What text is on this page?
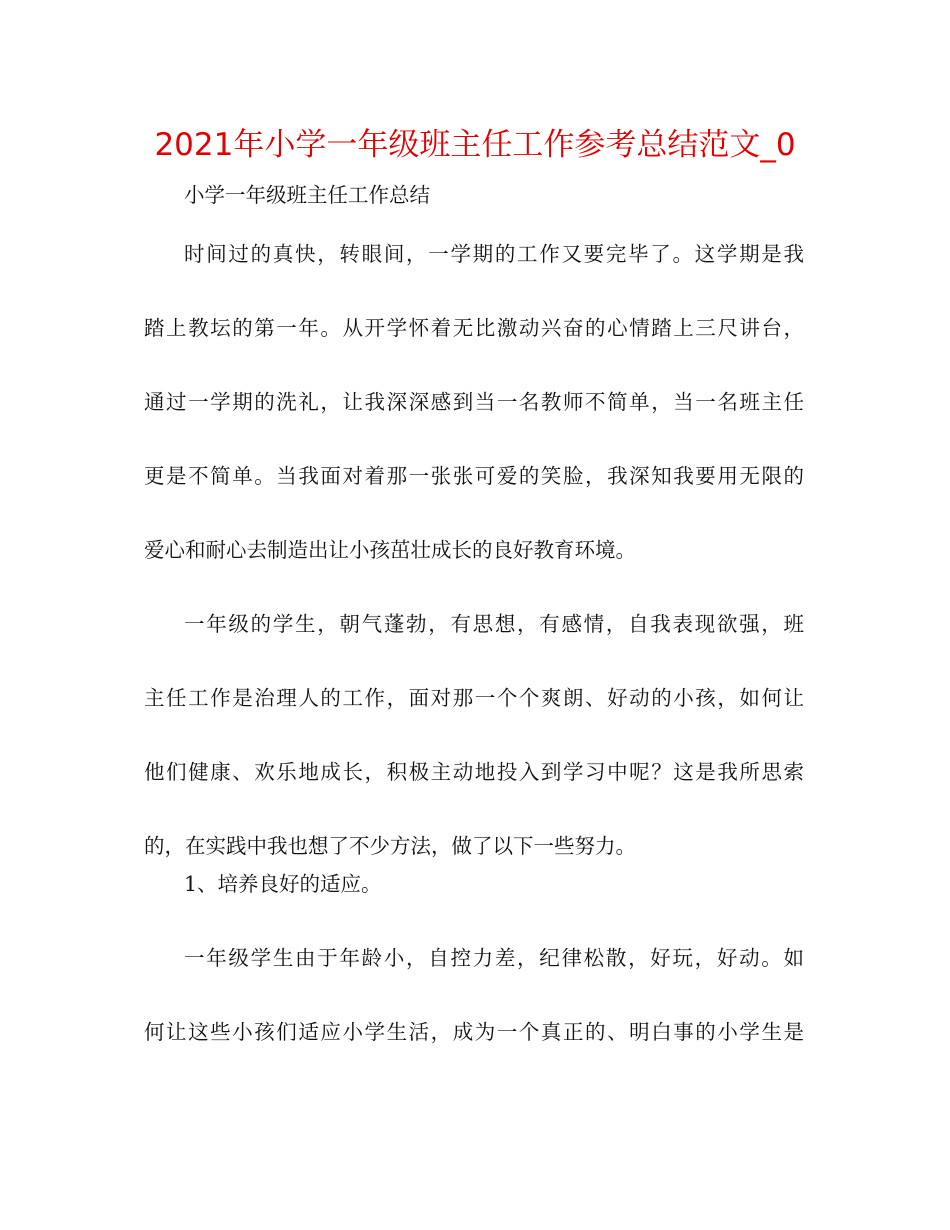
2021年小学一年级班主任工作参考总结范文_0
小学一年级班主任工作总结
时间过的真快，转眼间，一学期的工作又要完毕了。这学期是我
踏上教坛的第一年。从开学怀着无比激动兴奋的心情踏上三尺讲台，
通过一学期的洗礼，让我深深感到当一名教师不简单，当一名班主任
更是不简单。当我面对着那一张张可爱的笑脸，我深知我要用无限的
爱心和耐心去制造出让小孩茁壮成长的良好教育环境。
一年级的学生，朝气蓬勃，有思想，有感情，自我表现欲强，班
主任工作是治理人的工作，面对那一个个爽朗、好动的小孩，如何让
他们健康、欢乐地成长，积极主动地投入到学习中呢？这是我所思索
的，在实践中我也想了不少方法，做了以下一些努力。
1、培养良好的适应。
一年级学生由于年龄小，自控力差，纪律松散，好玩，好动。如
何让这些小孩们适应小学生活，成为一个真正的、明白事的小学生是
